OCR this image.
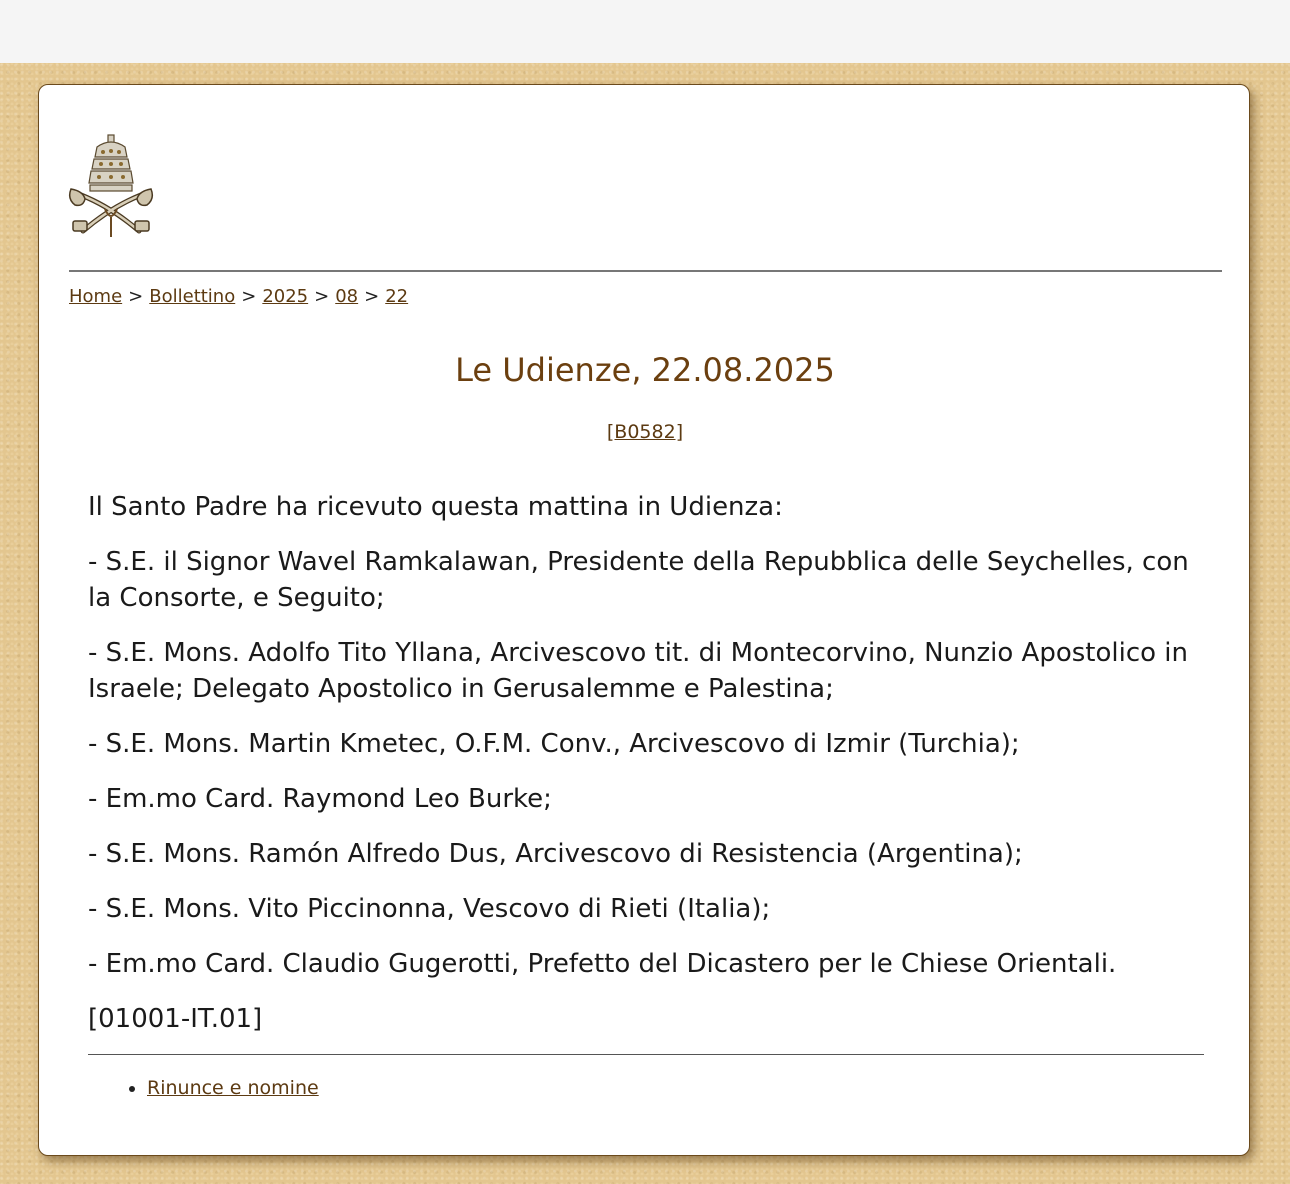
Home > Bollettino > 2025 > 08 > 22
Le Udienze, 22.08.2025
[B0582]

Il Santo Padre ha ricevuto questa mattina in Udienza:

- S.E. il Signor Wavel Ramkalawan, Presidente della Repubblica delle Seychelles, con la Consorte, e Seguito;

- S.E. Mons. Adolfo Tito Yllana, Arcivescovo tit. di Montecorvino, Nunzio Apostolico in Israele; Delegato Apostolico in Gerusalemme e Palestina;

- S.E. Mons. Martin Kmetec, O.F.M. Conv., Arcivescovo di Izmir (Turchia);

- Em.mo Card. Raymond Leo Burke;

- S.E. Mons. Ramón Alfredo Dus, Arcivescovo di Resistencia (Argentina);

- S.E. Mons. Vito Piccinonna, Vescovo di Rieti (Italia);

- Em.mo Card. Claudio Gugerotti, Prefetto del Dicastero per le Chiese Orientali.

[01001-IT.01]

• Rinunce e nomine
